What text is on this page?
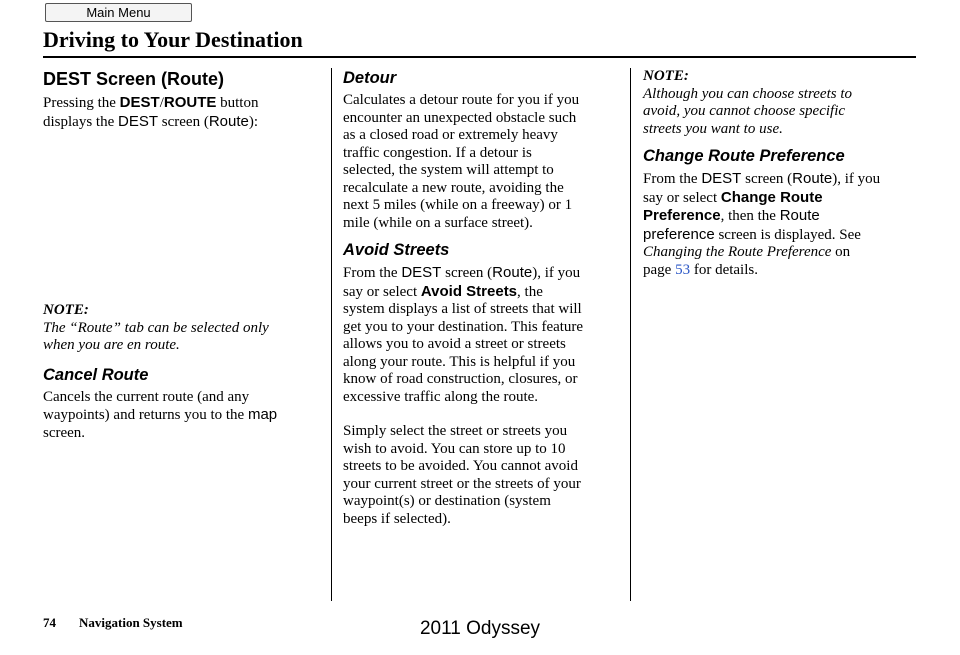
Main Menu
Driving to Your Destination
DEST Screen (Route)

Pressing the DEST/ROUTE button
displays the DEST screen (Route):

NOTE:

The “Route” tab can be selected only
when you are en route.

Cancel Route

Cancels the current route (and any
waypoints) and returns you to the map
screen.

Detour

Calculates a detour route for you if you
encounter an unexpected obstacle such
as a closed road or extremely heavy
traffic congestion. If a detour is
selected, the system will attempt to
recalculate a new route, avoiding the
next 5 miles (while on a freeway) or 1
mile (while on a surface street).

Avoid Streets

From the DEST screen (Route), if you
say or select Avoid Streets, the
system displays a list of streets that will
get you to your destination. This feature
allows you to avoid a street or streets
along your route. This is helpful if you
know of road construction, closures, or
excessive traffic along the route.

Simply select the street or streets you
wish to avoid. You can store up to 10
streets to be avoided. You cannot avoid
your current street or the streets of your
waypoint(s) or destination (system
beeps if selected).

NOTE:

Although you can choose streets to
avoid, you cannot choose specific
streets you want to use.

Change Route Preference

From the DEST screen (Route), if you
say or select Change Route
Preference, then the Route
preference screen is displayed. See
Changing the Route Preference on
page 53 for details.

74 Navigation System	2011 Odyssey
